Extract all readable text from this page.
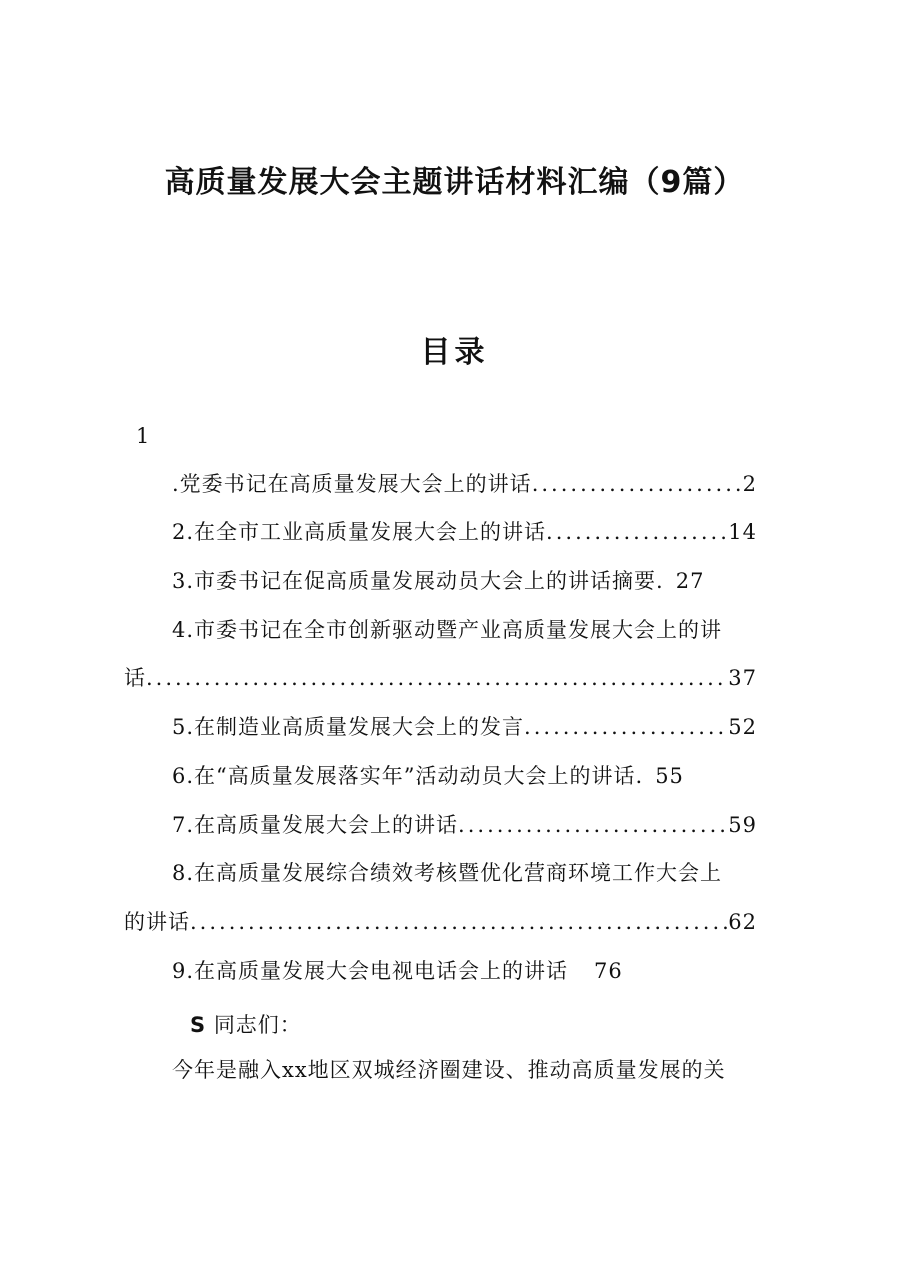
高质量发展大会主题讲话材料汇编（9篇）
目录
1
.党委书记在高质量发展大会上的讲话 .....	2
2.在全市工业高质量发展大会上的讲话 .....	14
3.市委书记在促高质量发展动员大会上的讲话摘要. 27
4.市委书记在全市创新驱动暨产业高质量发展大会上的讲
话 .....	37
5.在制造业高质量发展大会上的发言 .....	52
6.在“高质量发展落实年”活动动员大会上的讲话. 55
7.在高质量发展大会上的讲话 .....	59
8.在高质量发展综合绩效考核暨优化营商环境工作大会上
的讲话 .....	62
9.在高质量发展大会电视电话会上的讲话 76
S 同志们：
今年是融入xx地区双城经济圈建设、推动高质量发展的关
